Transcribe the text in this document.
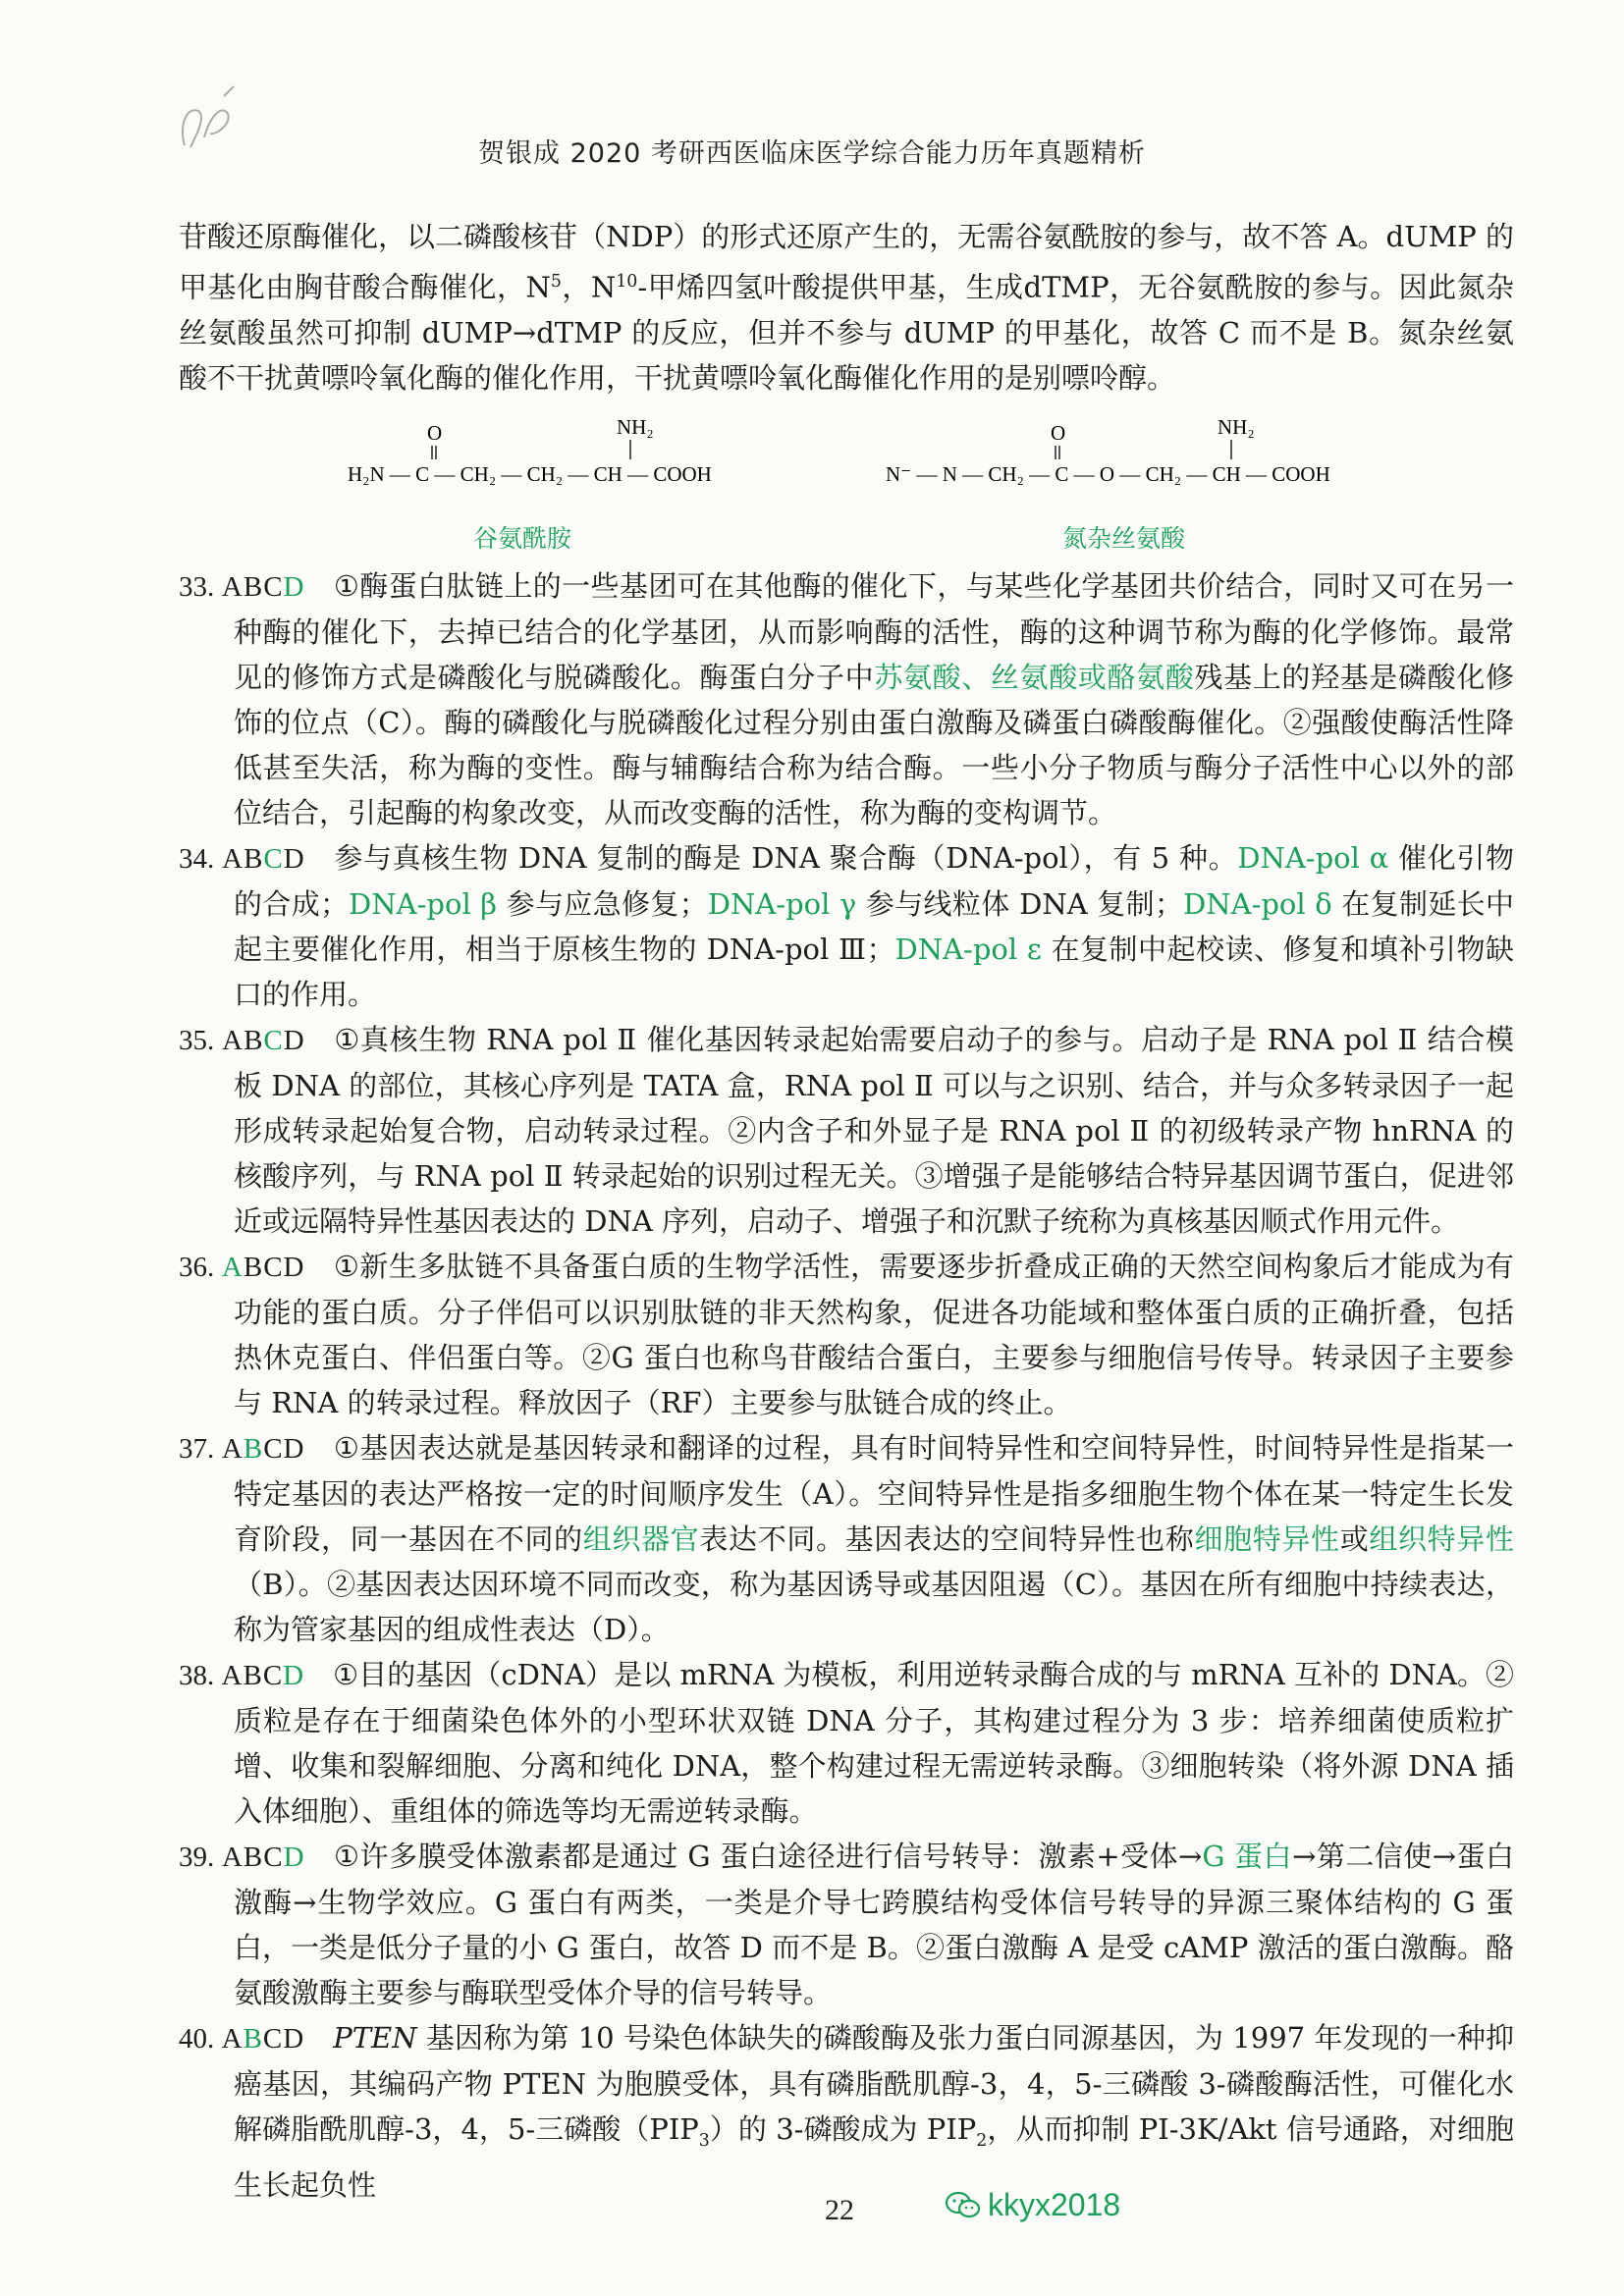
贺银成 2020 考研西医临床医学综合能力历年真题精析

苷酸还原酶催化，以二磷酸核苷（NDP）的形式还原产生的，无需谷氨酰胺的参与，故不答 A。dUMP 的甲基化由胸苷酸合酶催化，$N^5$，$N^{10}-$甲烯四氢叶酸提供甲基，生成dTMP，无谷氨酰胺的参与。因此氮杂丝氨酸虽然可抑制 dUMP→dTMP 的反应，但并不参与 dUMP 的甲基化，故答 C 而不是 B。氮杂丝氨酸不干扰黄嘌呤氧化酶的催化作用，干扰黄嘌呤氧化酶催化作用的是别嘌呤醇。

O	NH₂
H₂N — C — CH₂ — CH₂ — CH — COOH
O	NH₂
N⁻ — N — CH₂ — C — O — CH₂ — CH — COOH
谷氨酰胺	氮杂丝氨酸

33. ABCD  ①酶蛋白肽链上的一些基团可在其他酶的催化下，与某些化学基团共价结合，同时又可在另一种酶的催化下，去掉已结合的化学基团，从而影响酶的活性，酶的这种调节称为酶的化学修饰。最常见的修饰方式是磷酸化与脱磷酸化。酶蛋白分子中苏氨酸、丝氨酸或酪氨酸残基上的羟基是磷酸化修饰的位点（C）。酶的磷酸化与脱磷酸化过程分别由蛋白激酶及磷蛋白磷酸酶催化。②强酸使酶活性降低甚至失活，称为酶的变性。酶与辅酶结合称为结合酶。一些小分子物质与酶分子活性中心以外的部位结合，引起酶的构象改变，从而改变酶的活性，称为酶的变构调节。

34. ABCD  参与真核生物 DNA 复制的酶是 DNA 聚合酶（DNA-pol），有 5 种。DNA-pol α 催化引物的合成；DNA-pol β 参与应急修复；DNA-pol γ 参与线粒体 DNA 复制；DNA-pol δ 在复制延长中起主要催化作用，相当于原核生物的 DNA-pol Ⅲ；DNA-pol ε 在复制中起校读、修复和填补引物缺口的作用。

35. ABCD  ①真核生物 RNA pol Ⅱ 催化基因转录起始需要启动子的参与。启动子是 RNA pol Ⅱ 结合模板 DNA 的部位，其核心序列是 TATA 盒，RNA pol Ⅱ 可以与之识别、结合，并与众多转录因子一起形成转录起始复合物，启动转录过程。②内含子和外显子是 RNA pol Ⅱ 的初级转录产物 hnRNA 的核酸序列，与 RNA pol Ⅱ 转录起始的识别过程无关。③增强子是能够结合特异基因调节蛋白，促进邻近或远隔特异性基因表达的 DNA 序列，启动子、增强子和沉默子统称为真核基因顺式作用元件。

36. ABCD  ①新生多肽链不具备蛋白质的生物学活性，需要逐步折叠成正确的天然空间构象后才能成为有功能的蛋白质。分子伴侣可以识别肽链的非天然构象，促进各功能域和整体蛋白质的正确折叠，包括热休克蛋白、伴侣蛋白等。②G 蛋白也称鸟苷酸结合蛋白，主要参与细胞信号传导。转录因子主要参与 RNA 的转录过程。释放因子（RF）主要参与肽链合成的终止。

37. ABCD  ①基因表达就是基因转录和翻译的过程，具有时间特异性和空间特异性，时间特异性是指某一特定基因的表达严格按一定的时间顺序发生（A）。空间特异性是指多细胞生物个体在某一特定生长发育阶段，同一基因在不同的组织器官表达不同。基因表达的空间特异性也称细胞特异性或组织特异性（B）。②基因表达因环境不同而改变，称为基因诱导或基因阻遏（C）。基因在所有细胞中持续表达，称为管家基因的组成性表达（D）。

38. ABCD  ①目的基因（cDNA）是以 mRNA 为模板，利用逆转录酶合成的与 mRNA 互补的 DNA。②质粒是存在于细菌染色体外的小型环状双链 DNA 分子，其构建过程分为 3 步：培养细菌使质粒扩增、收集和裂解细胞、分离和纯化 DNA，整个构建过程无需逆转录酶。③细胞转染（将外源 DNA 插入体细胞）、重组体的筛选等均无需逆转录酶。

39. ABCD  ①许多膜受体激素都是通过 G 蛋白途径进行信号转导：激素+受体→G 蛋白→第二信使→蛋白激酶→生物学效应。G 蛋白有两类，一类是介导七跨膜结构受体信号转导的异源三聚体结构的 G 蛋白，一类是低分子量的小 G 蛋白，故答 D 而不是 B。②蛋白激酶 A 是受 cAMP 激活的蛋白激酶。酪氨酸激酶主要参与酶联型受体介导的信号转导。

40. ABCD  PTEN 基因称为第 10 号染色体缺失的磷酸酶及张力蛋白同源基因，为 1997 年发现的一种抑癌基因，其编码产物 PTEN 为胞膜受体，具有磷脂酰肌醇-3，4，5-三磷酸 3-磷酸酶活性，可催化水解磷脂酰肌醇-3，4，5-三磷酸$(PIP_3)$的 3-磷酸成为 $PIP_2$，从而抑制 PI-3K/Akt 信号通路，对细胞生长起负性

22	kkyx2018
